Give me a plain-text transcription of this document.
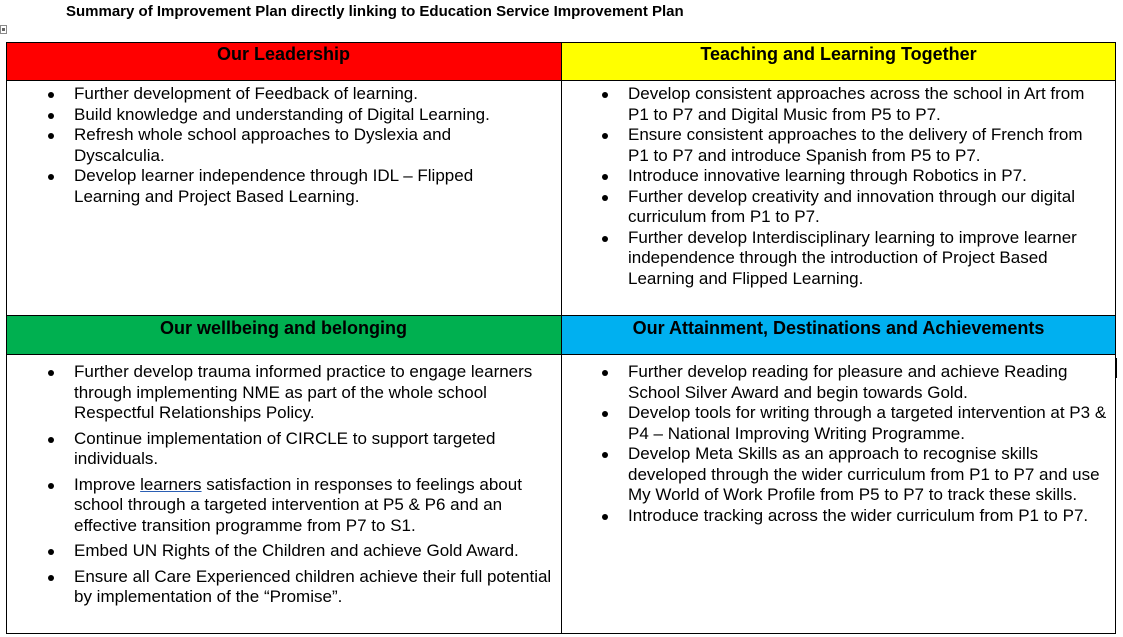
Summary of Improvement Plan directly linking to Education Service Improvement Plan
Our Leadership	Teaching and Learning Together
Our wellbeing and belonging	Our Attainment, Destinations and Achievements
Further development of Feedback of learning.
Build knowledge and understanding of Digital Learning.
Refresh whole school approaches to Dyslexia and Dyscalculia.
Develop learner independence through IDL – Flipped Learning and Project Based Learning.
Develop consistent approaches across the school in Art from P1 to P7 and Digital Music from P5 to P7.
Ensure consistent approaches to the delivery of French from P1 to P7 and introduce Spanish from P5 to P7.
Introduce innovative learning through Robotics in P7.
Further develop creativity and innovation through our digital curriculum from P1 to P7.
Further develop Interdisciplinary learning to improve learner independence through the introduction of Project Based Learning and Flipped Learning.
Further develop trauma informed practice to engage learners through implementing NME as part of the whole school Respectful Relationships Policy.
Continue implementation of CIRCLE to support targeted individuals.
Improve learners satisfaction in responses to feelings about school through a targeted intervention at P5 & P6 and an effective transition programme from P7 to S1.
Embed UN Rights of the Children and achieve Gold Award.
Ensure all Care Experienced children achieve their full potential by implementation of the “Promise”.
Further develop reading for pleasure and achieve Reading School Silver Award and begin towards Gold.
Develop tools for writing through a targeted intervention at P3 & P4 – National Improving Writing Programme.
Develop Meta Skills as an approach to recognise skills developed through the wider curriculum from P1 to P7 and use My World of Work Profile from P5 to P7 to track these skills.
Introduce tracking across the wider curriculum from P1 to P7.
